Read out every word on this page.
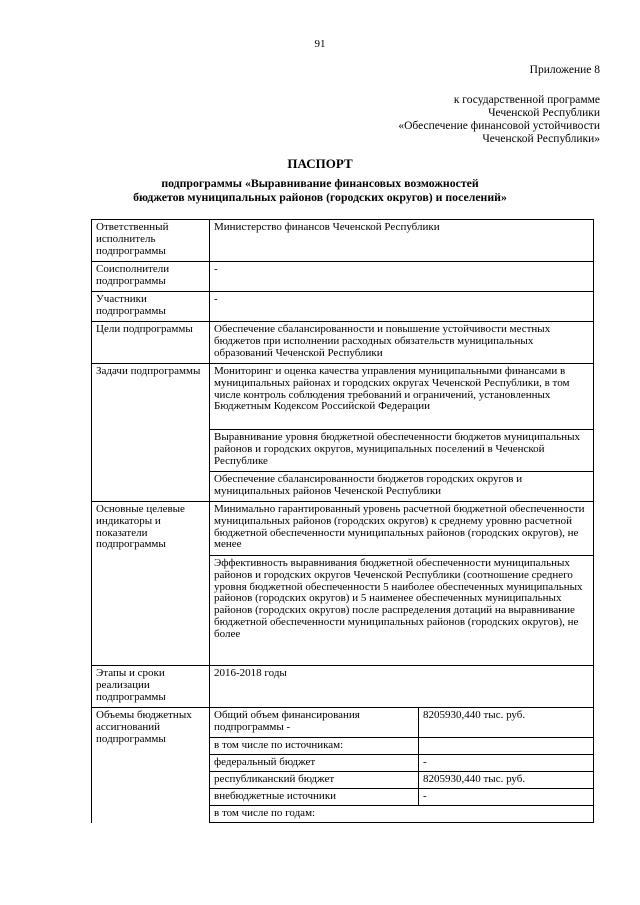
91
Приложение 8
к государственной программе
Чеченской Республики
«Обеспечение финансовой устойчивости
Чеченской Республики»
ПАСПОРТ
подпрограммы «Выравнивание финансовых возможностей
бюджетов муниципальных районов (городских округов) и поселений»
Ответственный исполнитель подпрограммы	Министерство финансов Чеченской Республики	
Соисполнители подпрограммы	-	
Участники подпрограммы	-	
Цели подпрограммы	Обеспечение сбалансированности и повышение устойчивости местных бюджетов при исполнении расходных обязательств муниципальных образований Чеченской Республики	
Задачи подпрограммы	Мониторинг и оценка качества управления муниципальными финансами в муниципальных районах и городских округах Чеченской Республики, в том числе контроль соблюдения требований и ограничений, установленных Бюджетным Кодексом Российской Федерации	
	Выравнивание уровня бюджетной обеспеченности бюджетов муниципальных районов и городских округов, муниципальных поселений в Чеченской Республике	
	Обеспечение сбалансированности бюджетов городских округов и муниципальных районов Чеченской Республики	
Основные целевые индикаторы и показатели подпрограммы	Минимально гарантированный уровень расчетной бюджетной обеспеченности муниципальных районов (городских округов) к среднему уровню расчетной бюджетной обеспеченности муниципальных районов (городских округов), не менее	
	Эффективность выравнивания бюджетной обеспеченности муниципальных районов и городских округов Чеченской Республики (соотношение среднего уровня бюджетной обеспеченности 5 наиболее обеспеченных муниципальных районов (городских округов) и 5 наименее обеспеченных муниципальных районов (городских округов) после распределения дотаций на выравнивание бюджетной обеспеченности муниципальных районов (городских округов), не более	
Этапы и сроки реализации подпрограммы	2016-2018 годы	
Объемы бюджетных ассигнований подпрограммы	Общий объем финансирования подпрограммы -	8205930,440 тыс. руб.
	в том числе по источникам:	
	федеральный бюджет	-
	республиканский бюджет	8205930,440 тыс. руб.
	внебюджетные источники	-
	в том числе по годам:	
